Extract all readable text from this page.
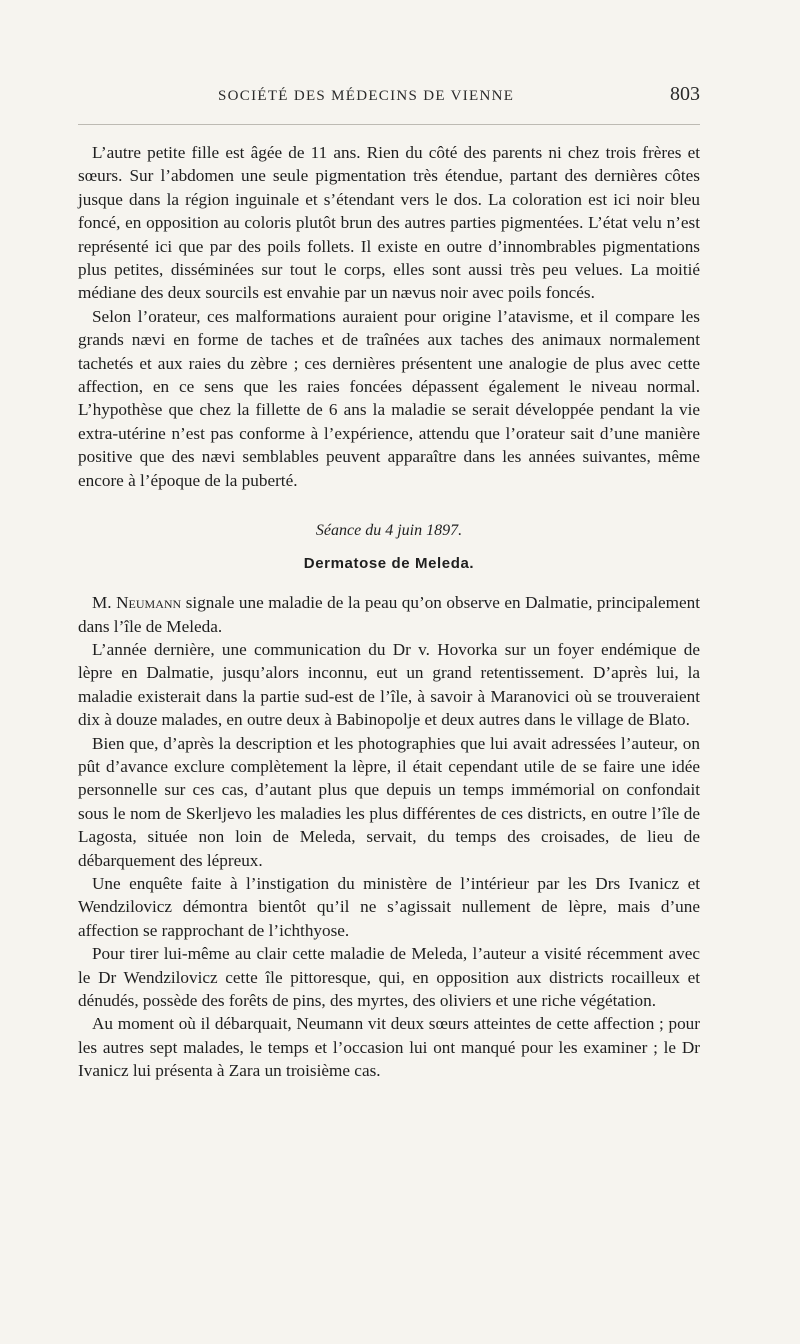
SOCIÉTÉ DES MÉDECINS DE VIENNE	803

L’autre petite fille est âgée de 11 ans. Rien du côté des parents ni chez trois frères et sœurs. Sur l’abdomen une seule pigmentation très étendue, partant des dernières côtes jusque dans la région inguinale et s’étendant vers le dos. La coloration est ici noir bleu foncé, en opposition au coloris plutôt brun des autres parties pigmentées. L’état velu n’est représenté ici que par des poils follets. Il existe en outre d’innombrables pigmentations plus petites, disséminées sur tout le corps, elles sont aussi très peu velues. La moitié médiane des deux sourcils est envahie par un nævus noir avec poils foncés.

Selon l’orateur, ces malformations auraient pour origine l’atavisme, et il compare les grands nævi en forme de taches et de traînées aux taches des animaux normalement tachetés et aux raies du zèbre ; ces dernières présentent une analogie de plus avec cette affection, en ce sens que les raies foncées dépassent également le niveau normal. L’hypothèse que chez la fillette de 6 ans la maladie se serait développée pendant la vie extra-utérine n’est pas conforme à l’expérience, attendu que l’orateur sait d’une manière positive que des nævi semblables peuvent apparaître dans les années suivantes, même encore à l’époque de la puberté.

Séance du 4 juin 1897.
Dermatose de Meleda.

M. Neumann signale une maladie de la peau qu’on observe en Dalmatie, principalement dans l’île de Meleda.

L’année dernière, une communication du Dr v. Hovorka sur un foyer endémique de lèpre en Dalmatie, jusqu’alors inconnu, eut un grand retentissement. D’après lui, la maladie existerait dans la partie sud-est de l’île, à savoir à Maranovici où se trouveraient dix à douze malades, en outre deux à Babinopolje et deux autres dans le village de Blato.

Bien que, d’après la description et les photographies que lui avait adressées l’auteur, on pût d’avance exclure complètement la lèpre, il était cependant utile de se faire une idée personnelle sur ces cas, d’autant plus que depuis un temps immémorial on confondait sous le nom de Skerljevo les maladies les plus différentes de ces districts, en outre l’île de Lagosta, située non loin de Meleda, servait, du temps des croisades, de lieu de débarquement des lépreux.

Une enquête faite à l’instigation du ministère de l’intérieur par les Drs Ivanicz et Wendzilovicz démontra bientôt qu’il ne s’agissait nullement de lèpre, mais d’une affection se rapprochant de l’ichthyose.

Pour tirer lui-même au clair cette maladie de Meleda, l’auteur a visité récemment avec le Dr Wendzilovicz cette île pittoresque, qui, en opposition aux districts rocailleux et dénudés, possède des forêts de pins, des myrtes, des oliviers et une riche végétation.

Au moment où il débarquait, Neumann vit deux sœurs atteintes de cette affection ; pour les autres sept malades, le temps et l’occasion lui ont manqué pour les examiner ; le Dr Ivanicz lui présenta à Zara un troisième cas.
